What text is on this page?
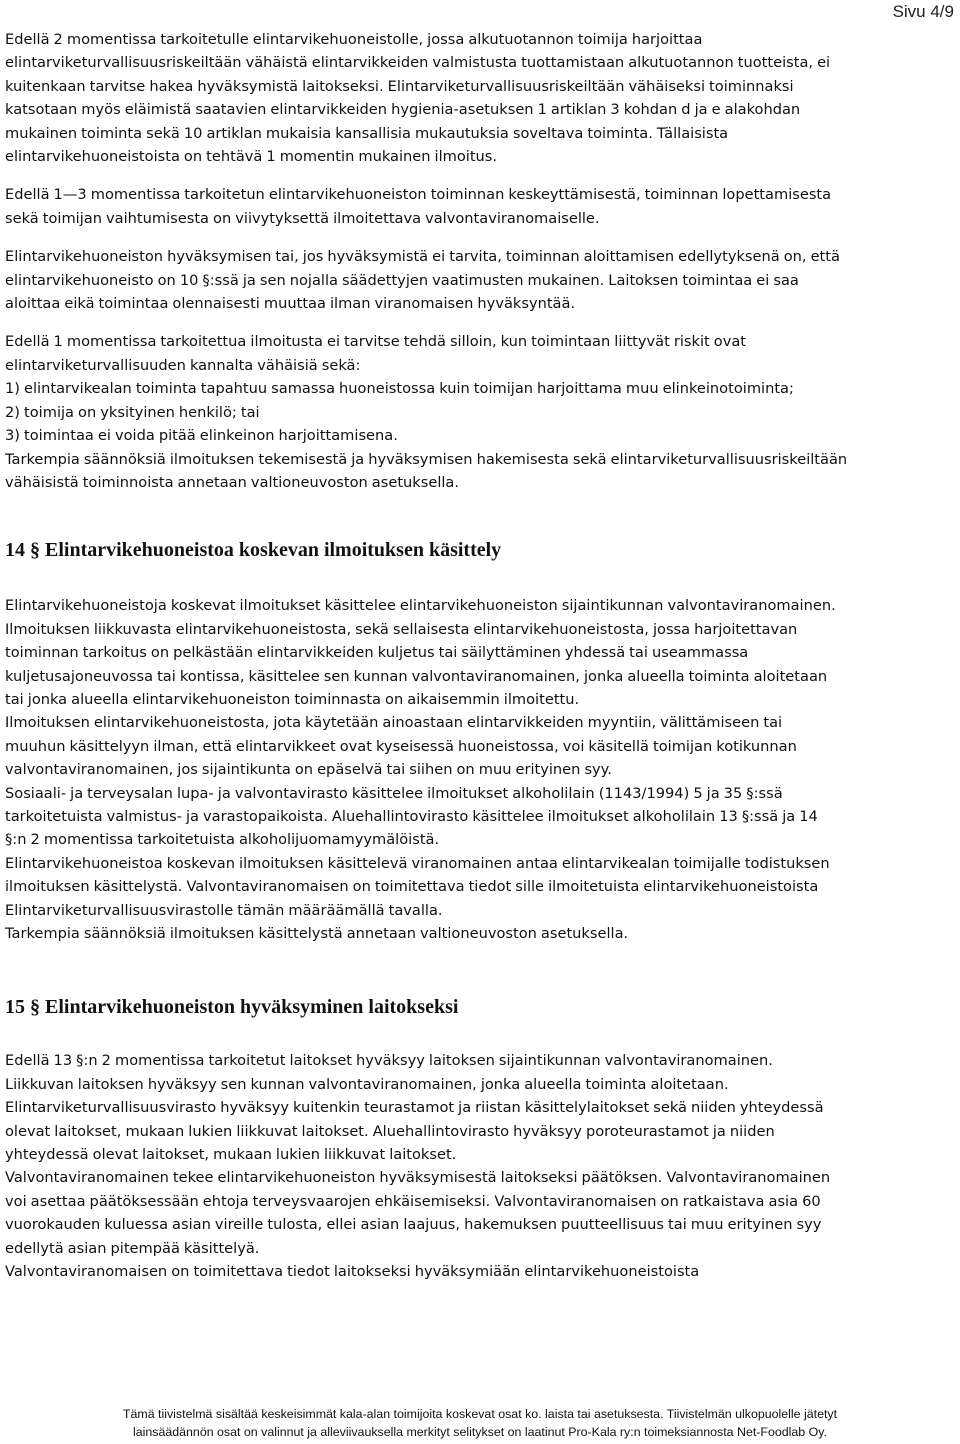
Sivu 4/9
Edellä 2 momentissa tarkoitetulle elintarvikehuoneistolle, jossa alkutuotannon toimija harjoittaa
elintarviketurvallisuusriskeiltään vähäistä elintarvikkeiden valmistusta tuottamistaan alkutuotannon tuotteista, ei
kuitenkaan tarvitse hakea hyväksymistä laitokseksi. Elintarviketurvallisuusriskeiltään vähäiseksi toiminnaksi
katsotaan myös eläimistä saatavien elintarvikkeiden hygienia-asetuksen 1 artiklan 3 kohdan d ja e alakohdan
mukainen toiminta sekä 10 artiklan mukaisia kansallisia mukautuksia soveltava toiminta. Tällaisista
elintarvikehuoneistoista on tehtävä 1 momentin mukainen ilmoitus.
Edellä 1—3 momentissa tarkoitetun elintarvikehuoneiston toiminnan keskeyttämisestä, toiminnan lopettamisesta
sekä toimijan vaihtumisesta on viivytyksettä ilmoitettava valvontaviranomaiselle.
Elintarvikehuoneiston hyväksymisen tai, jos hyväksymistä ei tarvita, toiminnan aloittamisen edellytyksenä on, että
elintarvikehuoneisto on 10 §:ssä ja sen nojalla säädettyjen vaatimusten mukainen. Laitoksen toimintaa ei saa
aloittaa eikä toimintaa olennaisesti muuttaa ilman viranomaisen hyväksyntää.
Edellä 1 momentissa tarkoitettua ilmoitusta ei tarvitse tehdä silloin, kun toimintaan liittyvät riskit ovat
elintarviketurvallisuuden kannalta vähäisiä sekä:
1) elintarvikealan toiminta tapahtuu samassa huoneistossa kuin toimijan harjoittama muu elinkeinotoiminta;
2) toimija on yksityinen henkilö; tai
3) toimintaa ei voida pitää elinkeinon harjoittamisena.
Tarkempia säännöksiä ilmoituksen tekemisestä ja hyväksymisen hakemisesta sekä elintarviketurvallisuusriskeiltään
vähäisistä toiminnoista annetaan valtioneuvoston asetuksella.
14 § Elintarvikehuoneistoa koskevan ilmoituksen käsittely
Elintarvikehuoneistoja koskevat ilmoitukset käsittelee elintarvikehuoneiston sijaintikunnan valvontaviranomainen.
Ilmoituksen liikkuvasta elintarvikehuoneistosta, sekä sellaisesta elintarvikehuoneistosta, jossa harjoitettavan
toiminnan tarkoitus on pelkästään elintarvikkeiden kuljetus tai säilyttäminen yhdessä tai useammassa
kuljetusajoneuvossa tai kontissa, käsittelee sen kunnan valvontaviranomainen, jonka alueella toiminta aloitetaan
tai jonka alueella elintarvikehuoneiston toiminnasta on aikaisemmin ilmoitettu.
Ilmoituksen elintarvikehuoneistosta, jota käytetään ainoastaan elintarvikkeiden myyntiin, välittämiseen tai
muuhun käsittelyyn ilman, että elintarvikkeet ovat kyseisessä huoneistossa, voi käsitellä toimijan kotikunnan
valvontaviranomainen, jos sijaintikunta on epäselvä tai siihen on muu erityinen syy.
Sosiaali- ja terveysalan lupa- ja valvontavirasto käsittelee ilmoitukset alkoholilain (1143/1994) 5 ja 35 §:ssä
tarkoitetuista valmistus- ja varastopaikoista. Aluehallintovirasto käsittelee ilmoitukset alkoholilain 13 §:ssä ja 14
§:n 2 momentissa tarkoitetuista alkoholijuomamyymälöistä.
Elintarvikehuoneistoa koskevan ilmoituksen käsittelevä viranomainen antaa elintarvikealan toimijalle todistuksen
ilmoituksen käsittelystä. Valvontaviranomaisen on toimitettava tiedot sille ilmoitetuista elintarvikehuoneistoista
Elintarviketurvallisuusvirastolle tämän määräämällä tavalla.
Tarkempia säännöksiä ilmoituksen käsittelystä annetaan valtioneuvoston asetuksella.
15 § Elintarvikehuoneiston hyväksyminen laitokseksi
Edellä 13 §:n 2 momentissa tarkoitetut laitokset hyväksyy laitoksen sijaintikunnan valvontaviranomainen.
Liikkuvan laitoksen hyväksyy sen kunnan valvontaviranomainen, jonka alueella toiminta aloitetaan.
Elintarviketurvallisuusvirasto hyväksyy kuitenkin teurastamot ja riistan käsittelylaitokset sekä niiden yhteydessä
olevat laitokset, mukaan lukien liikkuvat laitokset. Aluehallintovirasto hyväksyy poroteurastamot ja niiden
yhteydessä olevat laitokset, mukaan lukien liikkuvat laitokset.
Valvontaviranomainen tekee elintarvikehuoneiston hyväksymisestä laitokseksi päätöksen. Valvontaviranomainen
voi asettaa päätöksessään ehtoja terveysvaarojen ehkäisemiseksi. Valvontaviranomaisen on ratkaistava asia 60
vuorokauden kuluessa asian vireille tulosta, ellei asian laajuus, hakemuksen puutteellisuus tai muu erityinen syy
edellytä asian pitempää käsittelyä.
Valvontaviranomaisen on toimitettava tiedot laitokseksi hyväksymiään elintarvikehuoneistoista
Tämä tiivistelmä sisältää keskeisimmät kala-alan toimijoita koskevat osat ko. laista tai asetuksesta. Tiivistelmän ulkopuolelle jätetyt
lainsäädännön osat on valinnut ja alleviivauksella merkityt selitykset on laatinut Pro-Kala ry:n toimeksiannosta Net-Foodlab Oy.
